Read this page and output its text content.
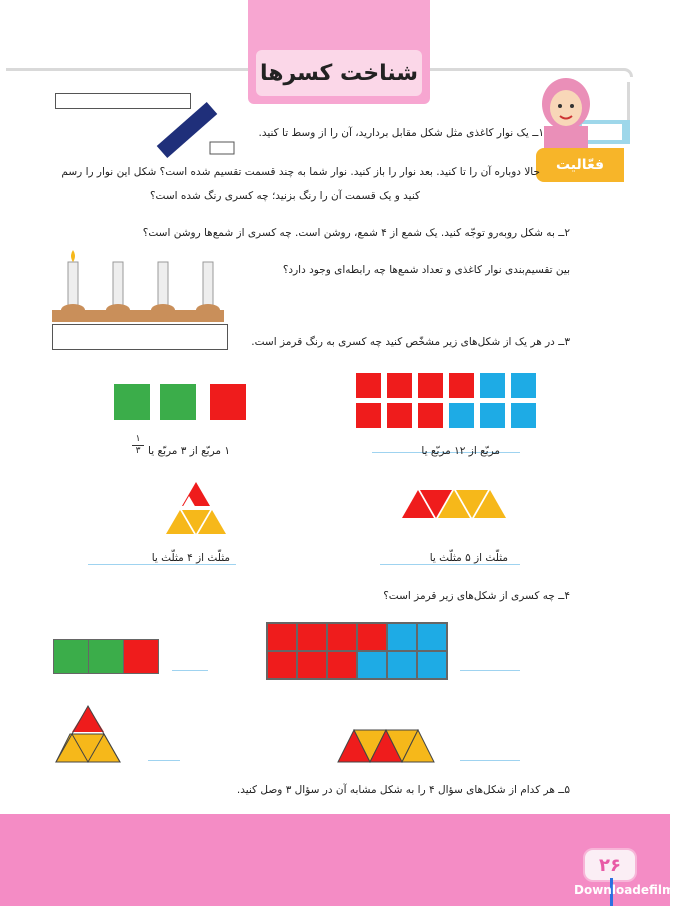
شناخت کسرها
فعّالیت
۱ــ یک نوار کاغذی مثل شکل مقابل بردارید، آن را از وسط تا کنید.
حالا دوباره آن را تا کنید. بعد نوار را باز کنید. نوار شما به چند قسمت تقسیم شده است؟ شکل این نوار را رسم
کنید و یک قسمت آن را رنگ بزنید؛ چه کسری رنگ شده است؟
۲ــ به شکل روبه‌رو توجّه کنید. یک شمع از ۴ شمع، روشن است. چه کسری از شمع‌ها روشن است؟
بین تقسیم‌بندی نوار کاغذی و تعداد شمع‌ها چه رابطه‌ای وجود دارد؟
۳ــ در هر یک از شکل‌های زیر مشخّص کنید چه کسری به رنگ قرمز است.
مربّع از ۱۲ مربّع یا
۱ مربّع از ۳ مربّع یا
۱
۳
مثلّث از ۴ مثلّث یا	مثلّث از ۵ مثلّث یا
۴ــ چه کسری از شکل‌های زیر قرمز است؟
۵ــ هر کدام از شکل‌های سؤال ۴ را به شکل مشابه آن در سؤال ۳ وصل کنید.
۲۶
Downloadefilm.ir
